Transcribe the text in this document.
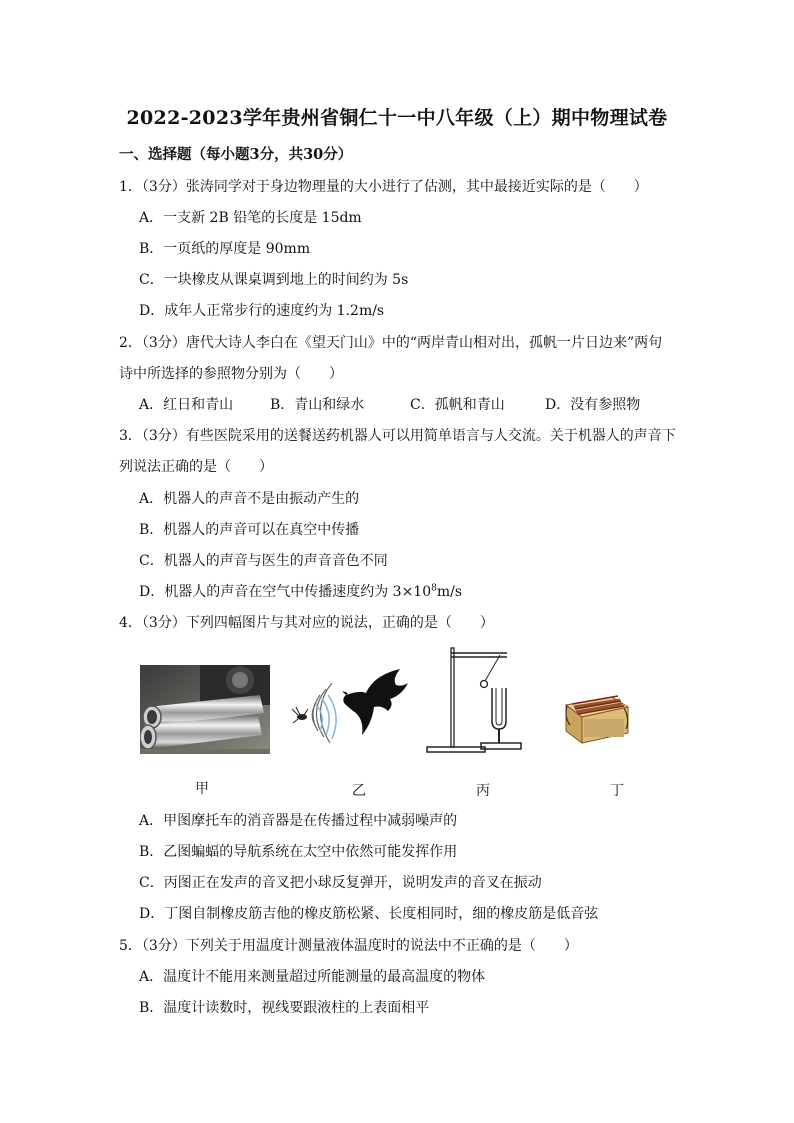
2022-2023学年贵州省铜仁十一中八年级（上）期中物理试卷
一、选择题（每小题3分，共30分）
1．（3分）张涛同学对于身边物理量的大小进行了估测，其中最接近实际的是（　　）
A．一支新 2B 铅笔的长度是 15dm
B．一页纸的厚度是 90mm
C．一块橡皮从课桌调到地上的时间约为 5s
D．成年人正常步行的速度约为 1.2m/s
2．（3分）唐代大诗人李白在《望天门山》中的“两岸青山相对出，孤帆一片日边来”两句
诗中所选择的参照物分别为（　　）
A．红日和青山	B．青山和绿水	C．孤帆和青山	D．没有参照物
3．（3分）有些医院采用的送餐送药机器人可以用简单语言与人交流。关于机器人的声音下
列说法正确的是（　　）
A．机器人的声音不是由振动产生的
B．机器人的声音可以在真空中传播
C．机器人的声音与医生的声音音色不同
D．机器人的声音在空气中传播速度约为 $3\times 10^8m/s$
4．（3分）下列四幅图片与其对应的说法，正确的是（　　）
甲	乙	丙	丁
A．甲图摩托车的消音器是在传播过程中减弱噪声的
B．乙图蝙蝠的导航系统在太空中依然可能发挥作用
C．丙图正在发声的音叉把小球反复弹开，说明发声的音叉在振动
D．丁图自制橡皮筋吉他的橡皮筋松紧、长度相同时，细的橡皮筋是低音弦
5．（3分）下列关于用温度计测量液体温度时的说法中不正确的是（　　）
A．温度计不能用来测量超过所能测量的最高温度的物体
B．温度计读数时，视线要跟液柱的上表面相平
